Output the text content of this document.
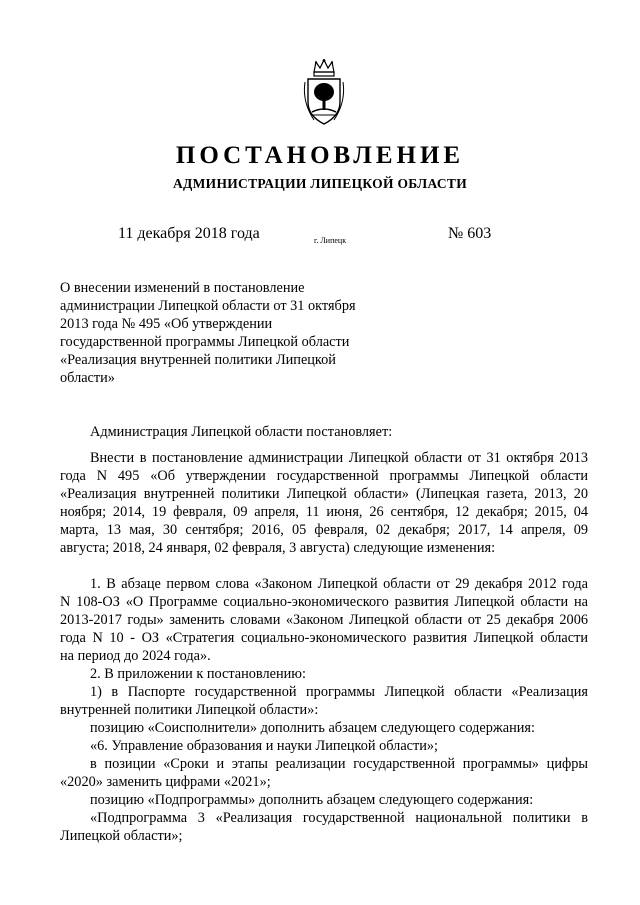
ПОСТАНОВЛЕНИЕ
АДМИНИСТРАЦИИ ЛИПЕЦКОЙ ОБЛАСТИ
11 декабря 2018 года	г. Липецк	№ 603
О внесении изменений в постановление
администрации Липецкой области от 31 октября
2013 года № 495 «Об утверждении
государственной программы Липецкой области
«Реализация внутренней политики Липецкой
области»
Администрация Липецкой области постановляет:
Внести в постановление администрации Липецкой области от 31 октября 2013
года N 495 «Об утверждении государственной программы Липецкой области
«Реализация внутренней политики Липецкой области» (Липецкая газета, 2013, 20
ноября; 2014, 19 февраля, 09 апреля, 11 июня, 26 сентября, 12 декабря; 2015, 04
марта, 13 мая, 30 сентября; 2016, 05 февраля, 02 декабря; 2017, 14 апреля, 09
августа; 2018, 24 января, 02 февраля, 3 августа) следующие изменения:
1. В абзаце первом слова «Законом Липецкой области от 29 декабря 2012 года
N 108-ОЗ «О Программе социально-экономического развития Липецкой области на
2013-2017 годы» заменить словами «Законом Липецкой области от 25 декабря 2006
года N 10 - ОЗ «Стратегия социально-экономического развития Липецкой области
на период до 2024 года».
2. В приложении к постановлению:
1) в Паспорте государственной программы Липецкой области «Реализация
внутренней политики Липецкой области»:
позицию «Соисполнители» дополнить абзацем следующего содержания:
«6. Управление образования и науки Липецкой области»;
в позиции «Сроки и этапы реализации государственной программы» цифры
«2020» заменить цифрами «2021»;
позицию «Подпрограммы» дополнить абзацем следующего содержания:
«Подпрограмма 3 «Реализация государственной национальной политики в
Липецкой области»;
